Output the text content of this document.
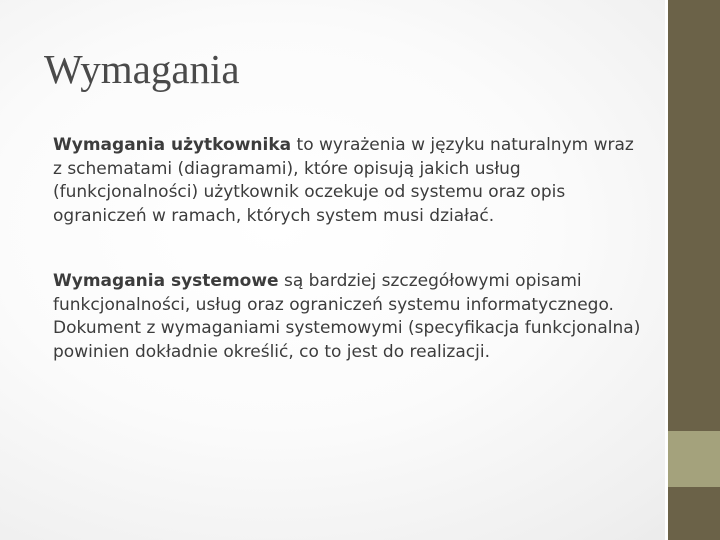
Wymagania

Wymagania użytkownika to wyrażenia w języku naturalnym wraz z schematami (diagramami), które opisują jakich usług (funkcjonalności) użytkownik oczekuje od systemu oraz opis ograniczeń w ramach, których system musi działać.

Wymagania systemowe są bardziej szczegółowymi opisami funkcjonalności, usług oraz ograniczeń systemu informatycznego. Dokument z wymaganiami systemowymi (specyfikacja funkcjonalna) powinien dokładnie określić, co to jest do realizacji.
